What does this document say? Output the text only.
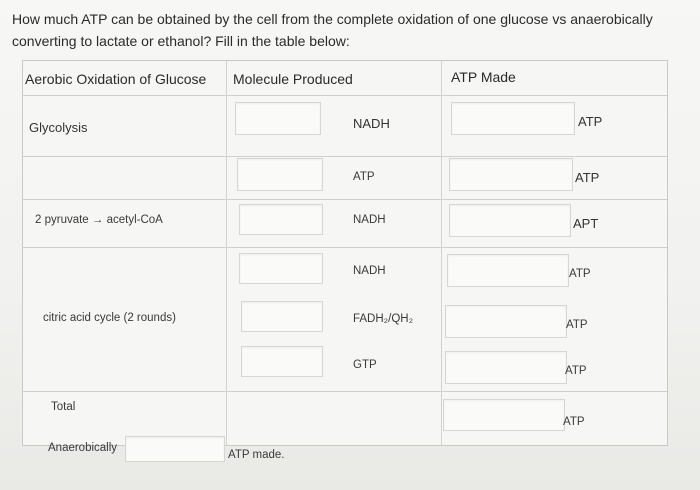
How much ATP can be obtained by the cell from the complete oxidation of one glucose vs anaerobically converting to lactate or ethanol? Fill in the table below:
Aerobic Oxidation of Glucose Molecule Produced	ATP Made
Glycolysis
2 pyruvate → acetyl-CoA
citric acid cycle (2 rounds)
Total
NADH
ATP
NADH
NADH
FADH₂/QH₂
GTP
ATP
ATP
APT
ATP
ATP
ATP
ATP
Anaerobically
ATP made.
